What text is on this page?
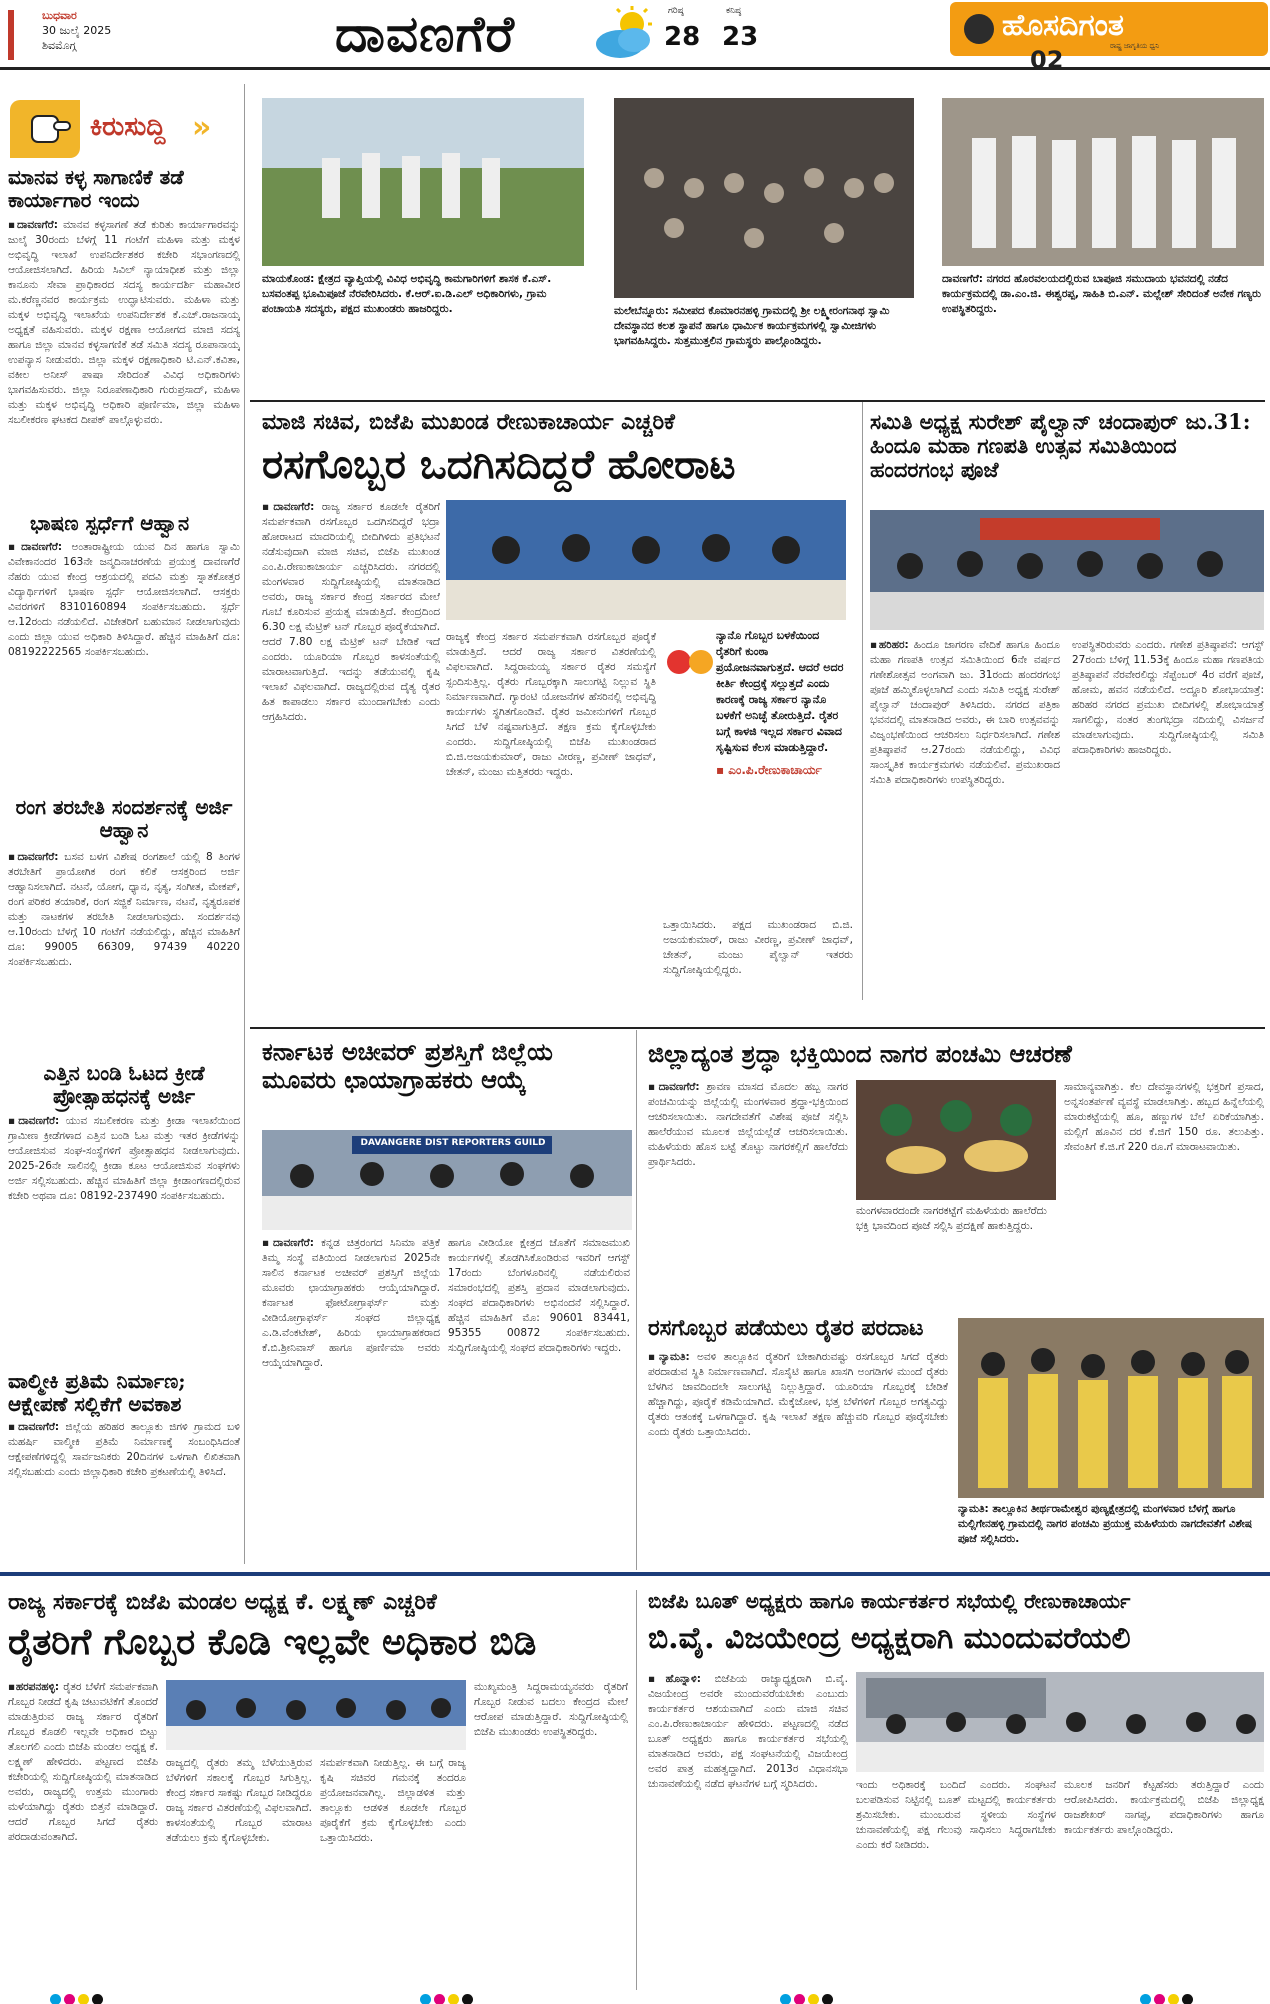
ಬುಧವಾರ
30 ಜುಲೈ 2025
ಶಿವಮೊಗ್ಗ	ದಾವಣಗೆರೆ	ಗರಿಷ್ಠ
28
ಕನಿಷ್ಠ
23	ಹೊಸದಿಗಂತ
ರಾಷ್ಟ್ರ ಜಾಗೃತಿಯ ಧ್ವನಿ
02
ಕಿರುಸುದ್ದಿ »
ಮಾನವ ಕಳ್ಳ ಸಾಗಾಣಿಕೆ ತಡೆ ಕಾರ್ಯಾಗಾರ ಇಂದು
▪ದಾವಣಗೆರೆ: ಮಾನವ ಕಳ್ಳಸಾಗಣೆ ತಡೆ ಕುರಿತು ಕಾರ್ಯಾಗಾರವನ್ನು ಜುಲೈ 30ರಂದು ಬೆಳಗ್ಗೆ 11 ಗಂಟೆಗೆ ಮಹಿಳಾ ಮತ್ತು ಮಕ್ಕಳ ಅಭಿವೃದ್ಧಿ ಇಲಾಖೆ ಉಪನಿರ್ದೇಶಕರ ಕಚೇರಿ ಸಭಾಂಗಣದಲ್ಲಿ ಆಯೋಜಿಸಲಾಗಿದೆ. ಹಿರಿಯ ಸಿವಿಲ್ ನ್ಯಾಯಾಧೀಶ ಮತ್ತು ಜಿಲ್ಲಾ ಕಾನೂನು ಸೇವಾ ಪ್ರಾಧಿಕಾರದ ಸದಸ್ಯ ಕಾರ್ಯದರ್ಶಿ ಮಹಾವೀರ ಮ.ಕರೆಣ್ಣನವರ ಕಾರ್ಯಕ್ರಮ ಉದ್ಘಾಟಿಸುವರು. ಮಹಿಳಾ ಮತ್ತು ಮಕ್ಕಳ ಅಭಿವೃದ್ಧಿ ಇಲಾಖೆಯ ಉಪನಿರ್ದೇಶಕ ಕೆ.ಎಚ್.ರಾಜನಾಯ್ಕ ಅಧ್ಯಕ್ಷತೆ ವಹಿಸುವರು. ಮಕ್ಕಳ ರಕ್ಷಣಾ ಆಯೋಗದ ಮಾಜಿ ಸದಸ್ಯ ಹಾಗೂ ಜಿಲ್ಲಾ ಮಾನವ ಕಳ್ಳಸಾಗಣಿಕೆ ತಡೆ ಸಮಿತಿ ಸದಸ್ಯ ರೂಪಾನಾಯ್ಕ ಉಪನ್ಯಾಸ ನೀಡುವರು. ಜಿಲ್ಲಾ ಮಕ್ಕಳ ರಕ್ಷಣಾಧಿಕಾರಿ ಟಿ.ಎನ್.ಕವಿತಾ, ವಕೀಲ ಅನೀಸ್ ಪಾಷಾ ಸೇರಿದಂತೆ ವಿವಿಧ ಅಧಿಕಾರಿಗಳು ಭಾಗವಹಿಸುವರು. ಜಿಲ್ಲಾ ನಿರೂಪಣಾಧಿಕಾರಿ ಗುರುಪ್ರಸಾದ್, ಮಹಿಳಾ ಮತ್ತು ಮಕ್ಕಳ ಅಭಿವೃದ್ಧಿ ಅಧಿಕಾರಿ ಪೂರ್ಣಿಮಾ, ಜಿಲ್ಲಾ ಮಹಿಳಾ ಸಬಲೀಕರಣ ಘಟಕದ ದೀಪಕ್ ಪಾಲ್ಗೊಳ್ಳುವರು.
ಭಾಷಣ ಸ್ಪರ್ಧೆಗೆ ಆಹ್ವಾನ
▪ದಾವಣಗೆರೆ: ಅಂತಾರಾಷ್ಟ್ರೀಯ ಯುವ ದಿನ ಹಾಗೂ ಸ್ವಾಮಿ ವಿವೇಕಾನಂದರ 163ನೇ ಜನ್ಮದಿನಾಚರಣೆಯ ಪ್ರಯುಕ್ತ ದಾವಣಗೆರೆ ನೆಹರು ಯುವ ಕೇಂದ್ರ ಆಶ್ರಯದಲ್ಲಿ ಪದವಿ ಮತ್ತು ಸ್ನಾತಕೋತ್ತರ ವಿದ್ಯಾರ್ಥಿಗಳಿಗೆ ಭಾಷಣ ಸ್ಪರ್ಧೆ ಆಯೋಜಿಸಲಾಗಿದೆ. ಆಸಕ್ತರು ವಿವರಗಳಿಗೆ 8310160894 ಸಂಪರ್ಕಿಸಬಹುದು. ಸ್ಪರ್ಧೆ ಆ.12ರಂದು ನಡೆಯಲಿದೆ. ವಿಜೇತರಿಗೆ ಬಹುಮಾನ ನೀಡಲಾಗುವುದು ಎಂದು ಜಿಲ್ಲಾ ಯುವ ಅಧಿಕಾರಿ ತಿಳಿಸಿದ್ದಾರೆ. ಹೆಚ್ಚಿನ ಮಾಹಿತಿಗೆ ದೂ: 08192222565 ಸಂಪರ್ಕಿಸಬಹುದು.
ರಂಗ ತರಬೇತಿ ಸಂದರ್ಶನಕ್ಕೆ ಅರ್ಜಿ ಆಹ್ವಾನ
▪ದಾವಣಗೆರೆ: ಬಸವ ಬಳಗ ವಿಶೇಷ ರಂಗಶಾಲೆ ಯಲ್ಲಿ 8 ತಿಂಗಳ ತರಬೇತಿಗೆ ಪ್ರಾಯೋಗಿಕ ರಂಗ ಕಲಿಕೆ ಆಸಕ್ತರಿಂದ ಅರ್ಜಿ ಆಹ್ವಾನಿಸಲಾಗಿದೆ. ನಟನೆ, ಯೋಗ, ಧ್ಯಾನ, ನೃತ್ಯ, ಸಂಗೀತ, ಮೇಕಪ್, ರಂಗ ಪರಿಕರ ತಯಾರಿಕೆ, ರಂಗ ಸಜ್ಜಿಕೆ ನಿರ್ಮಾಣ, ನಟನೆ, ನೃತ್ಯರೂಪಕ ಮತ್ತು ನಾಟಕಗಳ ತರಬೇತಿ ನೀಡಲಾಗುವುದು. ಸಂದರ್ಶನವು ಆ.10ರಂದು ಬೆಳಗ್ಗೆ 10 ಗಂಟೆಗೆ ನಡೆಯಲಿದ್ದು, ಹೆಚ್ಚಿನ ಮಾಹಿತಿಗೆ ದೂ: 99005 66309, 97439 40220 ಸಂಪರ್ಕಿಸಬಹುದು.
ಎತ್ತಿನ ಬಂಡಿ ಓಟದ ಕ್ರೀಡೆ ಪ್ರೋತ್ಸಾಹಧನಕ್ಕೆ ಅರ್ಜಿ
▪ದಾವಣಗೆರೆ: ಯುವ ಸಬಲೀಕರಣ ಮತ್ತು ಕ್ರೀಡಾ ಇಲಾಖೆಯಿಂದ ಗ್ರಾಮೀಣ ಕ್ರೀಡೆಗಳಾದ ಎತ್ತಿನ ಬಂಡಿ ಓಟ ಮತ್ತು ಇತರ ಕ್ರೀಡೆಗಳನ್ನು ಆಯೋಜಿಸುವ ಸಂಘ-ಸಂಸ್ಥೆಗಳಿಗೆ ಪ್ರೋತ್ಸಾಹಧನ ನೀಡಲಾಗುವುದು. 2025-26ನೇ ಸಾಲಿನಲ್ಲಿ ಕ್ರೀಡಾ ಕೂಟ ಆಯೋಜಿಸುವ ಸಂಘಗಳು ಅರ್ಜಿ ಸಲ್ಲಿಸಬಹುದು. ಹೆಚ್ಚಿನ ಮಾಹಿತಿಗೆ ಜಿಲ್ಲಾ ಕ್ರೀಡಾಂಗಣದಲ್ಲಿರುವ ಕಚೇರಿ ಅಥವಾ ದೂ: 08192-237490 ಸಂಪರ್ಕಿಸಬಹುದು.
ವಾಲ್ಮೀಕಿ ಪ್ರತಿಮೆ ನಿರ್ಮಾಣ; ಆಕ್ಷೇಪಣೆ ಸಲ್ಲಿಕೆಗೆ ಅವಕಾಶ
▪ದಾವಣಗೆರೆ: ಜಿಲ್ಲೆಯ ಹರಿಹರ ತಾಲ್ಲೂಕು ಜಿಗಳಿ ಗ್ರಾಮದ ಬಳಿ ಮಹರ್ಷಿ ವಾಲ್ಮೀಕಿ ಪ್ರತಿಮೆ ನಿರ್ಮಾಣಕ್ಕೆ ಸಂಬಂಧಿಸಿದಂತೆ ಆಕ್ಷೇಪಣೆಗಳಿದ್ದಲ್ಲಿ ಸಾರ್ವಜನಿಕರು 20ದಿನಗಳ ಒಳಗಾಗಿ ಲಿಖಿತವಾಗಿ ಸಲ್ಲಿಸಬಹುದು ಎಂದು ಜಿಲ್ಲಾಧಿಕಾರಿ ಕಚೇರಿ ಪ್ರಕಟಣೆಯಲ್ಲಿ ತಿಳಿಸಿದೆ.
ಮಾಯಕೊಂಡ: ಕ್ಷೇತ್ರದ ವ್ಯಾಪ್ತಿಯಲ್ಲಿ ವಿವಿಧ ಅಭಿವೃದ್ಧಿ ಕಾಮಗಾರಿಗಳಿಗೆ ಶಾಸಕ ಕೆ.ಎಸ್. ಬಸವಂತಪ್ಪ ಭೂಮಿಪೂಜೆ ನೆರವೇರಿಸಿದರು. ಕೆ.ಆರ್.ಐ.ಡಿ.ಎಲ್ ಅಧಿಕಾರಿಗಳು, ಗ್ರಾಮ ಪಂಚಾಯತಿ ಸದಸ್ಯರು, ಪಕ್ಷದ ಮುಖಂಡರು ಹಾಜರಿದ್ದರು.	ಮಲೇಬೆನ್ನೂರು: ಸಮೀಪದ ಕೊಮಾರನಹಳ್ಳಿ ಗ್ರಾಮದಲ್ಲಿ ಶ್ರೀ ಲಕ್ಷ್ಮೀರಂಗನಾಥ ಸ್ವಾಮಿ ದೇವಸ್ಥಾನದ ಕಲಶ ಸ್ಥಾಪನೆ ಹಾಗೂ ಧಾರ್ಮಿಕ ಕಾರ್ಯಕ್ರಮಗಳಲ್ಲಿ ಸ್ವಾಮೀಜಿಗಳು ಭಾಗವಹಿಸಿದ್ದರು. ಸುತ್ತಮುತ್ತಲಿನ ಗ್ರಾಮಸ್ಥರು ಪಾಲ್ಗೊಂಡಿದ್ದರು.
ದಾವಣಗೆರೆ: ನಗರದ ಹೊರವಲಯದಲ್ಲಿರುವ ಬಾಪೂಜಿ ಸಮುದಾಯ ಭವನದಲ್ಲಿ ನಡೆದ ಕಾರ್ಯಕ್ರಮದಲ್ಲಿ ಡಾ.ಎಂ.ಜಿ. ಈಶ್ವರಪ್ಪ, ಸಾಹಿತಿ ಬಿ.ಎನ್. ಮಲ್ಲೇಶ್ ಸೇರಿದಂತೆ ಅನೇಕ ಗಣ್ಯರು ಉಪಸ್ಥಿತರಿದ್ದರು.
ಮಾಜಿ ಸಚಿವ, ಬಿಜೆಪಿ ಮುಖಂಡ ರೇಣುಕಾಚಾರ್ಯ ಎಚ್ಚರಿಕೆ
ರಸಗೊಬ್ಬರ ಒದಗಿಸದಿದ್ದರೆ ಹೋರಾಟ
▪ದಾವಣಗೆರೆ: ರಾಜ್ಯ ಸರ್ಕಾರ ಕೂಡಲೇ ರೈತರಿಗೆ ಸಮರ್ಪಕವಾಗಿ ರಸಗೊಬ್ಬರ ಒದಗಿಸದಿದ್ದರೆ ಭದ್ರಾ ಹೋರಾಟದ ಮಾದರಿಯಲ್ಲಿ ಬೀದಿಗಿಳಿದು ಪ್ರತಿಭಟನೆ ನಡೆಸುವುದಾಗಿ ಮಾಜಿ ಸಚಿವ, ಬಿಜೆಪಿ ಮುಖಂಡ ಎಂ.ಪಿ.ರೇಣುಕಾಚಾರ್ಯ ಎಚ್ಚರಿಸಿದರು. ನಗರದಲ್ಲಿ ಮಂಗಳವಾರ ಸುದ್ದಿಗೋಷ್ಠಿಯಲ್ಲಿ ಮಾತನಾಡಿದ ಅವರು, ರಾಜ್ಯ ಸರ್ಕಾರ ಕೇಂದ್ರ ಸರ್ಕಾರದ ಮೇಲೆ ಗೂಬೆ ಕೂರಿಸುವ ಪ್ರಯತ್ನ ಮಾಡುತ್ತಿದೆ. ಕೇಂದ್ರದಿಂದ 6.30 ಲಕ್ಷ ಮೆಟ್ರಿಕ್ ಟನ್ ಗೊಬ್ಬರ ಪೂರೈಕೆಯಾಗಿದೆ. ಆದರೆ 7.80 ಲಕ್ಷ ಮೆಟ್ರಿಕ್ ಟನ್ ಬೇಡಿಕೆ ಇದೆ ಎಂದರು. ಯೂರಿಯಾ ಗೊಬ್ಬರ ಕಾಳಸಂತೆಯಲ್ಲಿ ಮಾರಾಟವಾಗುತ್ತಿದೆ. ಇದನ್ನು ತಡೆಯುವಲ್ಲಿ ಕೃಷಿ ಇಲಾಖೆ ವಿಫಲವಾಗಿದೆ. ರಾಜ್ಯದಲ್ಲಿರುವ ದೈತ್ಯ ರೈತರ ಹಿತ ಕಾಪಾಡಲು ಸರ್ಕಾರ ಮುಂದಾಗಬೇಕು ಎಂದು ಆಗ್ರಹಿಸಿದರು.
ರಾಜ್ಯಕ್ಕೆ ಕೇಂದ್ರ ಸರ್ಕಾರ ಸಮರ್ಪಕವಾಗಿ ರಸಗೊಬ್ಬರ ಪೂರೈಕೆ ಮಾಡುತ್ತಿದೆ. ಆದರೆ ರಾಜ್ಯ ಸರ್ಕಾರ ವಿತರಣೆಯಲ್ಲಿ ವಿಫಲವಾಗಿದೆ. ಸಿದ್ದರಾಮಯ್ಯ ಸರ್ಕಾರ ರೈತರ ಸಮಸ್ಯೆಗೆ ಸ್ಪಂದಿಸುತ್ತಿಲ್ಲ. ರೈತರು ಗೊಬ್ಬರಕ್ಕಾಗಿ ಸಾಲುಗಟ್ಟಿ ನಿಲ್ಲುವ ಸ್ಥಿತಿ ನಿರ್ಮಾಣವಾಗಿದೆ. ಗ್ಯಾರಂಟಿ ಯೋಜನೆಗಳ ಹೆಸರಿನಲ್ಲಿ ಅಭಿವೃದ್ಧಿ ಕಾರ್ಯಗಳು ಸ್ಥಗಿತಗೊಂಡಿವೆ. ರೈತರ ಜಮೀನುಗಳಿಗೆ ಗೊಬ್ಬರ ಸಿಗದೆ ಬೆಳೆ ನಷ್ಟವಾಗುತ್ತಿದೆ. ತಕ್ಷಣ ಕ್ರಮ ಕೈಗೊಳ್ಳಬೇಕು ಎಂದರು. ಸುದ್ದಿಗೋಷ್ಠಿಯಲ್ಲಿ ಬಿಜೆಪಿ ಮುಖಂಡರಾದ ಬಿ.ಜಿ.ಅಜಯಕುಮಾರ್, ರಾಜು ವೀರಣ್ಣ, ಪ್ರವೀಣ್ ಜಾಧವ್, ಚೇತನ್, ಮಂಜು ಮತ್ತಿತರರು ಇದ್ದರು.
ನ್ಯಾನೊ ಗೊಬ್ಬರ ಬಳಕೆಯಿಂದ ರೈತರಿಗೆ ಕುಂಠಾ ಪ್ರಯೋಜನವಾಗುತ್ತದೆ. ಆದರೆ ಅದರ ಕೀರ್ತಿ ಕೇಂದ್ರಕ್ಕೆ ಸಲ್ಲುತ್ತದೆ ಎಂದು ಕಾರಣಕ್ಕೆ ರಾಜ್ಯ ಸರ್ಕಾರ ನ್ಯಾನೊ ಬಳಕೆಗೆ ಅನಿಚ್ಛೆ ತೋರುತ್ತಿದೆ. ರೈತರ ಬಗ್ಗೆ ಕಾಳಜಿ ಇಲ್ಲದ ಸರ್ಕಾರ ವಿವಾದ ಸೃಷ್ಟಿಸುವ ಕೆಲಸ ಮಾಡುತ್ತಿದ್ದಾರೆ.
▪ ಎಂ.ಪಿ.ರೇಣುಕಾಚಾರ್ಯ
ಒತ್ತಾಯಿಸಿದರು. ಪಕ್ಷದ ಮುಖಂಡರಾದ ಬಿ.ಜಿ. ಅಜಯಕುಮಾರ್, ರಾಜು ವೀರಣ್ಣ, ಪ್ರವೀಣ್ ಜಾಧವ್, ಚೇತನ್, ಮಂಜು ಪೈಲ್ವಾನ್ ಇತರರು ಸುದ್ದಿಗೋಷ್ಠಿಯಲ್ಲಿದ್ದರು.
ಸಮಿತಿ ಅಧ್ಯಕ್ಷ ಸುರೇಶ್ ಪೈಲ್ವಾನ್ ಚಂದಾಪುರ್ ಜು.31: ಹಿಂದೂ ಮಹಾ ಗಣಪತಿ ಉತ್ಸವ ಸಮಿತಿಯಿಂದ ಹಂದರಗಂಭ ಪೂಜೆ
▪ಹರಿಹರ: ಹಿಂದೂ ಜಾಗರಣ ವೇದಿಕೆ ಹಾಗೂ ಹಿಂದೂ ಮಹಾ ಗಣಪತಿ ಉತ್ಸವ ಸಮಿತಿಯಿಂದ 6ನೇ ವರ್ಷದ ಗಣೇಶೋತ್ಸವ ಅಂಗವಾಗಿ ಜು. 31ರಂದು ಹಂದರಗಂಭ ಪೂಜೆ ಹಮ್ಮಿಕೊಳ್ಳಲಾಗಿದೆ ಎಂದು ಸಮಿತಿ ಅಧ್ಯಕ್ಷ ಸುರೇಶ್ ಪೈಲ್ವಾನ್ ಚಂದಾಪುರ್ ತಿಳಿಸಿದರು. ನಗರದ ಪತ್ರಿಕಾ ಭವನದಲ್ಲಿ ಮಾತನಾಡಿದ ಅವರು, ಈ ಬಾರಿ ಉತ್ಸವವನ್ನು ವಿಜೃಂಭಣೆಯಿಂದ ಆಚರಿಸಲು ನಿರ್ಧರಿಸಲಾಗಿದೆ. ಗಣೇಶ ಪ್ರತಿಷ್ಠಾಪನೆ ಆ.27ರಂದು ನಡೆಯಲಿದ್ದು, ವಿವಿಧ ಸಾಂಸ್ಕೃತಿಕ ಕಾರ್ಯಕ್ರಮಗಳು ನಡೆಯಲಿವೆ. ಪ್ರಮುಖರಾದ ಸಮಿತಿ ಪದಾಧಿಕಾರಿಗಳು ಉಪಸ್ಥಿತರಿದ್ದರು.
ಉಪಸ್ಥಿತರಿರುವರು ಎಂದರು. ಗಣೇಶ ಪ್ರತಿಷ್ಠಾಪನೆ: ಆಗಸ್ಟ್ 27ರಂದು ಬೆಳಿಗ್ಗೆ 11.53ಕ್ಕೆ ಹಿಂದೂ ಮಹಾ ಗಣಪತಿಯ ಪ್ರತಿಷ್ಠಾಪನೆ ನೆರವೇರಲಿದ್ದು ಸೆಪ್ಟೆಂಬರ್ 4ರ ವರೆಗೆ ಪೂಜೆ, ಹೋಮ, ಹವನ ನಡೆಯಲಿದೆ. ಅದ್ದೂರಿ ಶೋಭಾಯಾತ್ರೆ: ಹರಿಹರ ನಗರದ ಪ್ರಮುಖ ಬೀದಿಗಳಲ್ಲಿ ಶೋಭಾಯಾತ್ರೆ ಸಾಗಲಿದ್ದು, ನಂತರ ತುಂಗಭದ್ರಾ ನದಿಯಲ್ಲಿ ವಿಸರ್ಜನೆ ಮಾಡಲಾಗುವುದು. ಸುದ್ದಿಗೋಷ್ಠಿಯಲ್ಲಿ ಸಮಿತಿ ಪದಾಧಿಕಾರಿಗಳು ಹಾಜರಿದ್ದರು.
ಕರ್ನಾಟಕ ಅಚೀವರ್ ಪ್ರಶಸ್ತಿಗೆ ಜಿಲ್ಲೆಯ ಮೂವರು ಛಾಯಾಗ್ರಾಹಕರು ಆಯ್ಕೆ
DAVANGERE DIST REPORTERS GUILD
▪ದಾವಣಗೆರೆ: ಕನ್ನಡ ಚಿತ್ರರಂಗದ ಸಿನಿಮಾ ಪತ್ರಿಕೆ ತಿಮ್ಮ ಸಂಸ್ಥೆ ವತಿಯಿಂದ ನೀಡಲಾಗುವ 2025ನೇ ಸಾಲಿನ ಕರ್ನಾಟಕ ಅಚೀವರ್ ಪ್ರಶಸ್ತಿಗೆ ಜಿಲ್ಲೆಯ ಮೂವರು ಛಾಯಾಗ್ರಾಹಕರು ಆಯ್ಕೆಯಾಗಿದ್ದಾರೆ. ಕರ್ನಾಟಕ ಫೋಟೋಗ್ರಾಫರ್ಸ್ ಮತ್ತು ವೀಡಿಯೋಗ್ರಾಫರ್ಸ್ ಸಂಘದ ಜಿಲ್ಲಾಧ್ಯಕ್ಷ ಎ.ಡಿ.ವೆಂಕಟೇಶ್, ಹಿರಿಯ ಛಾಯಾಗ್ರಾಹಕರಾದ ಕೆ.ಬಿ.ಶ್ರೀನಿವಾಸ್ ಹಾಗೂ ಪೂರ್ಣಿಮಾ ಅವರು ಆಯ್ಕೆಯಾಗಿದ್ದಾರೆ.
ಹಾಗೂ ವೀಡಿಯೋ ಕ್ಷೇತ್ರದ ಜೊತೆಗೆ ಸಮಾಜಮುಖಿ ಕಾರ್ಯಗಳಲ್ಲಿ ತೊಡಗಿಸಿಕೊಂಡಿರುವ ಇವರಿಗೆ ಆಗಸ್ಟ್ 17ರಂದು ಬೆಂಗಳೂರಿನಲ್ಲಿ ನಡೆಯಲಿರುವ ಸಮಾರಂಭದಲ್ಲಿ ಪ್ರಶಸ್ತಿ ಪ್ರದಾನ ಮಾಡಲಾಗುವುದು. ಸಂಘದ ಪದಾಧಿಕಾರಿಗಳು ಅಭಿನಂದನೆ ಸಲ್ಲಿಸಿದ್ದಾರೆ. ಹೆಚ್ಚಿನ ಮಾಹಿತಿಗೆ ಮೊ: 90601 83441, 95355 00872 ಸಂಪರ್ಕಿಸಬಹುದು. ಸುದ್ದಿಗೋಷ್ಠಿಯಲ್ಲಿ ಸಂಘದ ಪದಾಧಿಕಾರಿಗಳು ಇದ್ದರು.
ಜಿಲ್ಲಾದ್ಯಂತ ಶ್ರದ್ಧಾ ಭಕ್ತಿಯಿಂದ ನಾಗರ ಪಂಚಮಿ ಆಚರಣೆ
▪ದಾವಣಗೆರೆ: ಶ್ರಾವಣ ಮಾಸದ ಮೊದಲ ಹಬ್ಬ ನಾಗರ ಪಂಚಮಿಯನ್ನು ಜಿಲ್ಲೆಯಲ್ಲಿ ಮಂಗಳವಾರ ಶ್ರದ್ಧಾ-ಭಕ್ತಿಯಿಂದ ಆಚರಿಸಲಾಯಿತು. ನಾಗದೇವತೆಗೆ ವಿಶೇಷ ಪೂಜೆ ಸಲ್ಲಿಸಿ ಹಾಲೆರೆಯುವ ಮೂಲಕ ಜಿಲ್ಲೆಯಲ್ಲೆಡೆ ಆಚರಿಸಲಾಯಿತು. ಮಹಿಳೆಯರು ಹೊಸ ಬಟ್ಟೆ ತೊಟ್ಟು ನಾಗರಕಲ್ಲಿಗೆ ಹಾಲೆರೆದು ಪ್ರಾರ್ಥಿಸಿದರು.
ಮಂಗಳವಾರದಂದೇ ನಾಗರಕಟ್ಟೆಗೆ ಮಹಿಳೆಯರು ಹಾಲೆರೆದು ಭಕ್ತಿ ಭಾವದಿಂದ ಪೂಜೆ ಸಲ್ಲಿಸಿ ಪ್ರದಕ್ಷಿಣೆ ಹಾಕುತ್ತಿದ್ದರು.
ಸಾಮಾನ್ಯವಾಗಿತ್ತು. ಕೆಲ ದೇವಸ್ಥಾನಗಳಲ್ಲಿ ಭಕ್ತರಿಗೆ ಪ್ರಸಾದ, ಅನ್ನಸಂತರ್ಪಣೆ ವ್ಯವಸ್ಥೆ ಮಾಡಲಾಗಿತ್ತು. ಹಬ್ಬದ ಹಿನ್ನೆಲೆಯಲ್ಲಿ ಮಾರುಕಟ್ಟೆಯಲ್ಲಿ ಹೂ, ಹಣ್ಣುಗಳ ಬೆಲೆ ಏರಿಕೆಯಾಗಿತ್ತು. ಮಲ್ಲಿಗೆ ಹೂವಿನ ದರ ಕೆ.ಜಿಗೆ 150 ರೂ. ತಲುಪಿತ್ತು. ಸೇವಂತಿಗೆ ಕೆ.ಜಿ.ಗೆ 220 ರೂ.ಗೆ ಮಾರಾಟವಾಯಿತು.
ರಸಗೊಬ್ಬರ ಪಡೆಯಲು ರೈತರ ಪರದಾಟ
▪ನ್ಯಾಮತಿ: ಅವಳಿ ತಾಲ್ಲೂಕಿನ ರೈತರಿಗೆ ಬೇಕಾಗಿರುವಷ್ಟು ರಸಗೊಬ್ಬರ ಸಿಗದೆ ರೈತರು ಪರದಾಡುವ ಸ್ಥಿತಿ ನಿರ್ಮಾಣವಾಗಿದೆ. ಸೊಸೈಟಿ ಹಾಗೂ ಖಾಸಗಿ ಅಂಗಡಿಗಳ ಮುಂದೆ ರೈತರು ಬೆಳಗಿನ ಜಾವದಿಂದಲೇ ಸಾಲುಗಟ್ಟಿ ನಿಲ್ಲುತ್ತಿದ್ದಾರೆ. ಯೂರಿಯಾ ಗೊಬ್ಬರಕ್ಕೆ ಬೇಡಿಕೆ ಹೆಚ್ಚಾಗಿದ್ದು, ಪೂರೈಕೆ ಕಡಿಮೆಯಾಗಿದೆ. ಮೆಕ್ಕೆಜೋಳ, ಭತ್ತ ಬೆಳೆಗಳಿಗೆ ಗೊಬ್ಬರ ಅಗತ್ಯವಿದ್ದು ರೈತರು ಆತಂಕಕ್ಕೆ ಒಳಗಾಗಿದ್ದಾರೆ. ಕೃಷಿ ಇಲಾಖೆ ತಕ್ಷಣ ಹೆಚ್ಚುವರಿ ಗೊಬ್ಬರ ಪೂರೈಸಬೇಕು ಎಂದು ರೈತರು ಒತ್ತಾಯಿಸಿದರು.
ನ್ಯಾಮತಿ: ತಾಲ್ಲೂಕಿನ ತೀರ್ಥರಾಮೇಶ್ವರ ಪುಣ್ಯಕ್ಷೇತ್ರದಲ್ಲಿ ಮಂಗಳವಾರ ಬೆಳಗ್ಗೆ ಹಾಗೂ ಮಲ್ಲಿಗೇನಹಳ್ಳಿ ಗ್ರಾಮದಲ್ಲಿ ನಾಗರ ಪಂಚಮಿ ಪ್ರಯುಕ್ತ ಮಹಿಳೆಯರು ನಾಗದೇವತೆಗೆ ವಿಶೇಷ ಪೂಜೆ ಸಲ್ಲಿಸಿದರು.
ರಾಜ್ಯ ಸರ್ಕಾರಕ್ಕೆ ಬಿಜೆಪಿ ಮಂಡಲ ಅಧ್ಯಕ್ಷ ಕೆ. ಲಕ್ಷ್ಮಣ್ ಎಚ್ಚರಿಕೆ
ರೈತರಿಗೆ ಗೊಬ್ಬರ ಕೊಡಿ ಇಲ್ಲವೇ ಅಧಿಕಾರ ಬಿಡಿ
▪ಹರಪನಹಳ್ಳಿ: ರೈತರ ಬೆಳೆಗೆ ಸಮರ್ಪಕವಾಗಿ ಗೊಬ್ಬರ ನೀಡದೆ ಕೃಷಿ ಚಟುವಟಿಕೆಗೆ ತೊಂದರೆ ಮಾಡುತ್ತಿರುವ ರಾಜ್ಯ ಸರ್ಕಾರ ರೈತರಿಗೆ ಗೊಬ್ಬರ ಕೊಡಲಿ ಇಲ್ಲವೇ ಅಧಿಕಾರ ಬಿಟ್ಟು ತೊಲಗಲಿ ಎಂದು ಬಿಜೆಪಿ ಮಂಡಲ ಅಧ್ಯಕ್ಷ ಕೆ. ಲಕ್ಷ್ಮಣ್ ಹೇಳಿದರು. ಪಟ್ಟಣದ ಬಿಜೆಪಿ ಕಚೇರಿಯಲ್ಲಿ ಸುದ್ದಿಗೋಷ್ಠಿಯಲ್ಲಿ ಮಾತನಾಡಿದ ಅವರು, ರಾಜ್ಯದಲ್ಲಿ ಉತ್ತಮ ಮುಂಗಾರು ಮಳೆಯಾಗಿದ್ದು ರೈತರು ಬಿತ್ತನೆ ಮಾಡಿದ್ದಾರೆ. ಆದರೆ ಗೊಬ್ಬರ ಸಿಗದೆ ರೈತರು ಪರದಾಡುವಂತಾಗಿದೆ.
ರಾಜ್ಯದಲ್ಲಿ ರೈತರು ತಮ್ಮ ಬೆಳೆಯುತ್ತಿರುವ ಬೆಳೆಗಳಿಗೆ ಸಕಾಲಕ್ಕೆ ಗೊಬ್ಬರ ಸಿಗುತ್ತಿಲ್ಲ. ಕೇಂದ್ರ ಸರ್ಕಾರ ಸಾಕಷ್ಟು ಗೊಬ್ಬರ ನೀಡಿದ್ದರೂ ರಾಜ್ಯ ಸರ್ಕಾರ ವಿತರಣೆಯಲ್ಲಿ ವಿಫಲವಾಗಿದೆ. ಕಾಳಸಂತೆಯಲ್ಲಿ ಗೊಬ್ಬರ ಮಾರಾಟ ತಡೆಯಲು ಕ್ರಮ ಕೈಗೊಳ್ಳಬೇಕು.
ಸಮರ್ಪಕವಾಗಿ ನೀಡುತ್ತಿಲ್ಲ. ಈ ಬಗ್ಗೆ ರಾಜ್ಯ ಕೃಷಿ ಸಚಿವರ ಗಮನಕ್ಕೆ ತಂದರೂ ಪ್ರಯೋಜನವಾಗಿಲ್ಲ. ಜಿಲ್ಲಾಡಳಿತ ಮತ್ತು ತಾಲ್ಲೂಕು ಆಡಳಿತ ಕೂಡಲೇ ಗೊಬ್ಬರ ಪೂರೈಕೆಗೆ ಕ್ರಮ ಕೈಗೊಳ್ಳಬೇಕು ಎಂದು ಒತ್ತಾಯಿಸಿದರು.
ಮುಖ್ಯಮಂತ್ರಿ ಸಿದ್ದರಾಮಯ್ಯನವರು ರೈತರಿಗೆ ಗೊಬ್ಬರ ನೀಡುವ ಬದಲು ಕೇಂದ್ರದ ಮೇಲೆ ಆರೋಪ ಮಾಡುತ್ತಿದ್ದಾರೆ. ಸುದ್ದಿಗೋಷ್ಠಿಯಲ್ಲಿ ಬಿಜೆಪಿ ಮುಖಂಡರು ಉಪಸ್ಥಿತರಿದ್ದರು.
ಬಿಜೆಪಿ ಬೂತ್ ಅಧ್ಯಕ್ಷರು ಹಾಗೂ ಕಾರ್ಯಕರ್ತರ ಸಭೆಯಲ್ಲಿ ರೇಣುಕಾಚಾರ್ಯ
ಬಿ.ವೈ. ವಿಜಯೇಂದ್ರ ಅಧ್ಯಕ್ಷರಾಗಿ ಮುಂದುವರೆಯಲಿ
▪ಹೊನ್ನಾಳಿ: ಬಿಜೆಪಿಯ ರಾಜ್ಯಾಧ್ಯಕ್ಷರಾಗಿ ಬಿ.ವೈ. ವಿಜಯೇಂದ್ರ ಅವರೇ ಮುಂದುವರೆಯಬೇಕು ಎಂಬುದು ಕಾರ್ಯಕರ್ತರ ಆಶಯವಾಗಿದೆ ಎಂದು ಮಾಜಿ ಸಚಿವ ಎಂ.ಪಿ.ರೇಣುಕಾಚಾರ್ಯ ಹೇಳಿದರು. ಪಟ್ಟಣದಲ್ಲಿ ನಡೆದ ಬೂತ್ ಅಧ್ಯಕ್ಷರು ಹಾಗೂ ಕಾರ್ಯಕರ್ತರ ಸಭೆಯಲ್ಲಿ ಮಾತನಾಡಿದ ಅವರು, ಪಕ್ಷ ಸಂಘಟನೆಯಲ್ಲಿ ವಿಜಯೇಂದ್ರ ಅವರ ಪಾತ್ರ ಮಹತ್ವದ್ದಾಗಿದೆ. 2013ರ ವಿಧಾನಸಭಾ ಚುನಾವಣೆಯಲ್ಲಿ ನಡೆದ ಘಟನೆಗಳ ಬಗ್ಗೆ ಸ್ಮರಿಸಿದರು.	ಇಂದು ಅಧಿಕಾರಕ್ಕೆ ಬಂದಿದೆ ಎಂದರು. ಸಂಘಟನೆ ಬಲಪಡಿಸುವ ನಿಟ್ಟಿನಲ್ಲಿ ಬೂತ್ ಮಟ್ಟದಲ್ಲಿ ಕಾರ್ಯಕರ್ತರು ಶ್ರಮಿಸಬೇಕು. ಮುಂಬರುವ ಸ್ಥಳೀಯ ಸಂಸ್ಥೆಗಳ ಚುನಾವಣೆಯಲ್ಲಿ ಪಕ್ಷ ಗೆಲುವು ಸಾಧಿಸಲು ಸಿದ್ಧರಾಗಬೇಕು ಎಂದು ಕರೆ ನೀಡಿದರು.
ಮೂಲಕ ಜನರಿಗೆ ಕೆಟ್ಟಹೆಸರು ತರುತ್ತಿದ್ದಾರೆ ಎಂದು ಆರೋಪಿಸಿದರು. ಕಾರ್ಯಕ್ರಮದಲ್ಲಿ ಬಿಜೆಪಿ ಜಿಲ್ಲಾಧ್ಯಕ್ಷ ರಾಜಶೇಖರ್ ನಾಗಪ್ಪ, ಪದಾಧಿಕಾರಿಗಳು ಹಾಗೂ ಕಾರ್ಯಕರ್ತರು ಪಾಲ್ಗೊಂಡಿದ್ದರು.
